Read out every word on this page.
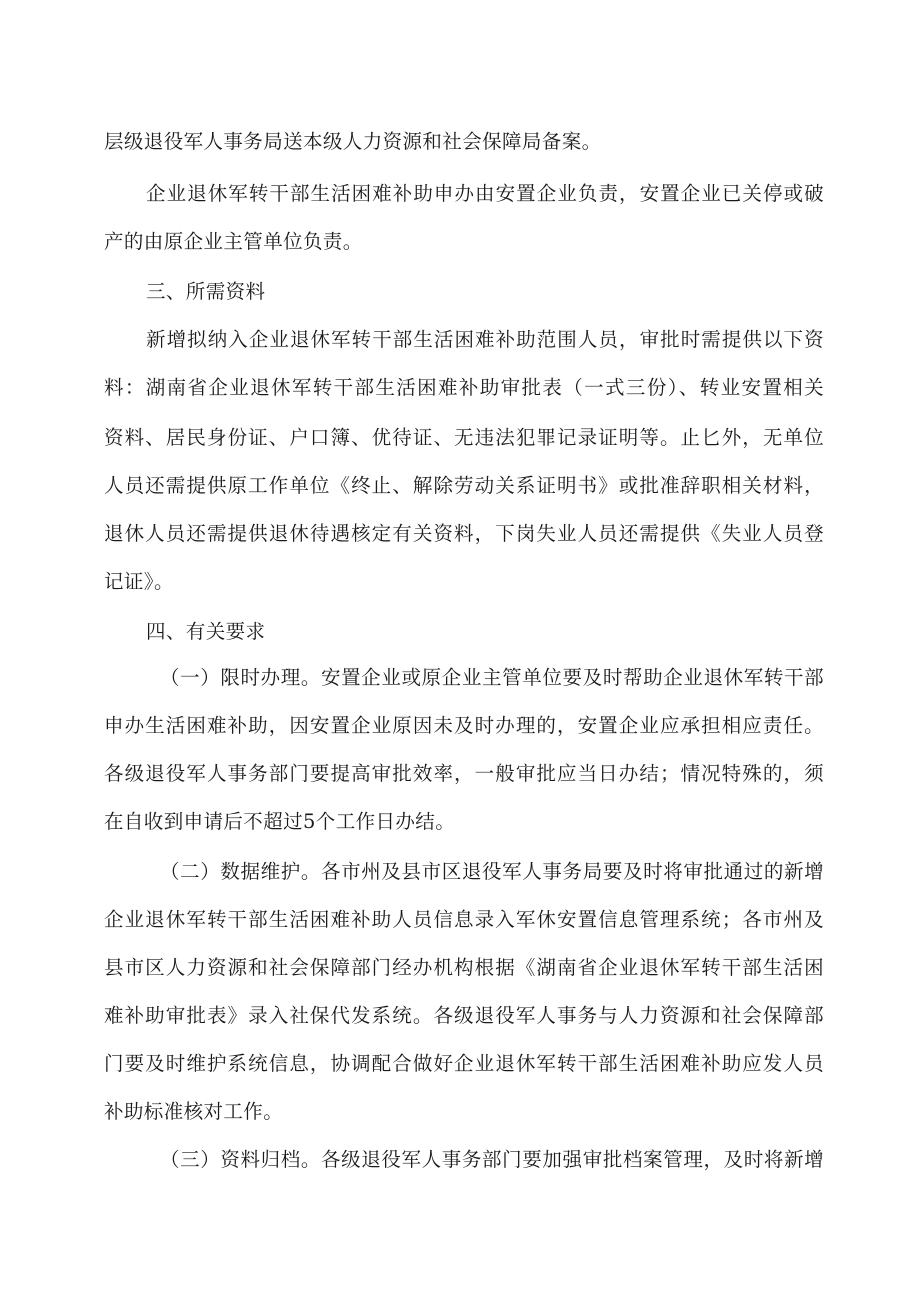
层级退役军人事务局送本级人力资源和社会保障局备案。
企业退休军转干部生活困难补助申办由安置企业负责，安置企业已关停或破
产的由原企业主管单位负责。
三、所需资料
新增拟纳入企业退休军转干部生活困难补助范围人员，审批时需提供以下资
料：湖南省企业退休军转干部生活困难补助审批表（一式三份）、转业安置相关
资料、居民身份证、户口簿、优待证、无违法犯罪记录证明等。止匕外，无单位
人员还需提供原工作单位《终止、解除劳动关系证明书》或批准辞职相关材料，
退休人员还需提供退休待遇核定有关资料，下岗失业人员还需提供《失业人员登
记证》。
四、有关要求
（一）限时办理。安置企业或原企业主管单位要及时帮助企业退休军转干部
申办生活困难补助，因安置企业原因未及时办理的，安置企业应承担相应责任。
各级退役军人事务部门要提高审批效率，一般审批应当日办结；情况特殊的，须
在自收到申请后不超过5个工作日办结。
（二）数据维护。各市州及县市区退役军人事务局要及时将审批通过的新增
企业退休军转干部生活困难补助人员信息录入军休安置信息管理系统；各市州及
县市区人力资源和社会保障部门经办机构根据《湖南省企业退休军转干部生活困
难补助审批表》录入社保代发系统。各级退役军人事务与人力资源和社会保障部
门要及时维护系统信息，协调配合做好企业退休军转干部生活困难补助应发人员
补助标准核对工作。
（三）资料归档。各级退役军人事务部门要加强审批档案管理，及时将新增
